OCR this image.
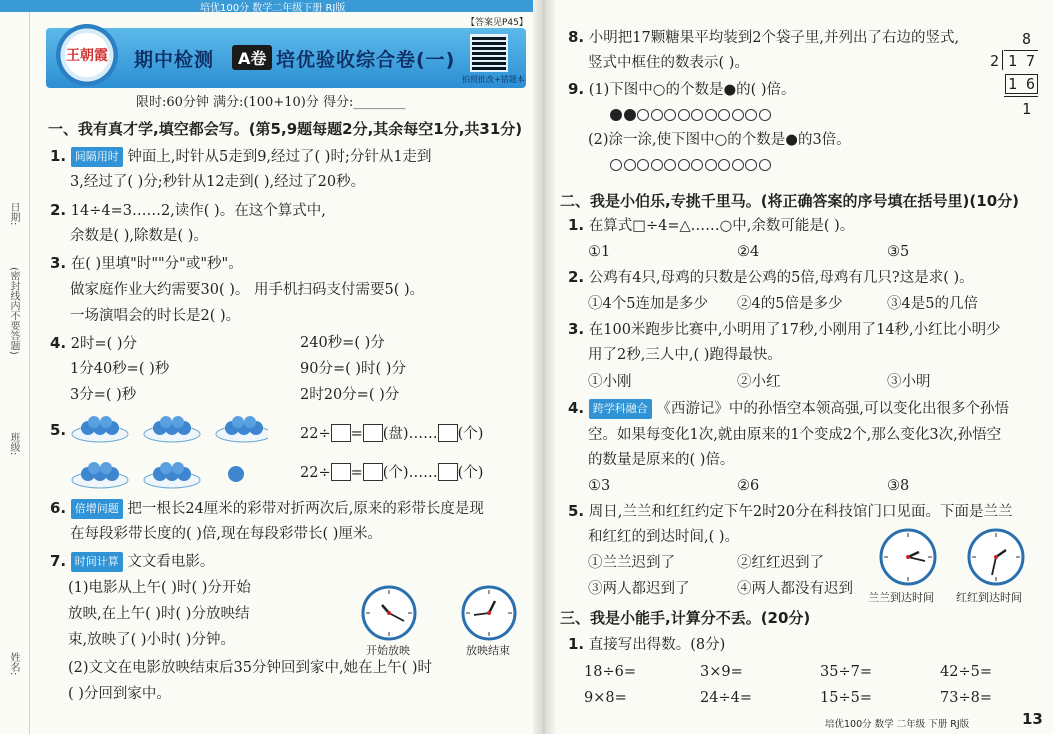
培优100分 数学二年级下册 RJ版
日期:
(密封线内不要答题)
班级:
姓名:
【答案见P45】
王朝霞 期中检测	A卷 培优验收综合卷(一)
拍照批改+错题本
限时:60分钟 满分:(100+10)分 得分:________
一、我有真才学,填空都会写。(第5,9题每题2分,其余每空1分,共31分)
1. 间隔用时 钟面上,时针从5走到9,经过了( )时;分针从1走到
3,经过了( )分;秒针从12走到( ),经过了20秒。
2. 14÷4=3……2,读作( )。在这个算式中,
余数是( ),除数是( )。
3. 在( )里填"时""分"或"秒"。
做家庭作业大约需要30( )。 用手机扫码支付需要5( )。
一场演唱会的时长是2( )。
4. 2时=( )分	240秒=( )分
1分40秒=( )秒	90分=( )时( )分
3分=( )秒	2时20分=( )分
5.	22÷ = (盘)…… (个)
22÷ = (个)…… (个)
6. 倍增问题 把一根长24厘米的彩带对折两次后,原来的彩带长度是现
在每段彩带长度的( )倍,现在每段彩带长( )厘米。
7. 时间计算 文文看电影。
(1)电影从上午( )时( )分开始
放映,在上午( )时( )分放映结
束,放映了( )小时( )分钟。
(2)文文在电影放映结束后35分钟回到家中,她在上午( )时
( )分回到家中。
开始放映	放映结束
8. 小明把17颗糖果平均装到2个袋子里,并列出了右边的竖式,
竖式中框住的数表示( )。
8
2 1 7
1 6
1
9. (1)下图中○的个数是●的( )倍。
(2)涂一涂,使下图中○的个数是●的3倍。
二、我是小伯乐,专挑千里马。(将正确答案的序号填在括号里)(10分)
1. 在算式□÷4=△……○中,余数可能是( )。
①1	②4	③5
2. 公鸡有4只,母鸡的只数是公鸡的5倍,母鸡有几只?这是求( )。
①4个5连加是多少 ②4的5倍是多少	③4是5的几倍
3. 在100米跑步比赛中,小明用了17秒,小刚用了14秒,小红比小明少
用了2秒,三人中,( )跑得最快。
①小刚	②小红	③小明
4. 跨学科融合 《西游记》中的孙悟空本领高强,可以变化出很多个孙悟
空。如果每变化1次,就由原来的1个变成2个,那么变化3次,孙悟空
的数量是原来的( )倍。
①3	②6	③8
5. 周日,兰兰和红红约定下午2时20分在科技馆门口见面。下面是兰兰
和红红的到达时间,( )。
①兰兰迟到了	②红红迟到了
③两人都迟到了	④两人都没有迟到
兰兰到达时间 红红到达时间
三、我是小能手,计算分不丢。(20分)
1. 直接写出得数。(8分)
18÷6=	3×9=	35÷7=	42÷5=
9×8=	24÷4=	15÷5=	73÷8=
培优100分 数学 二年级 下册 RJ版	13
